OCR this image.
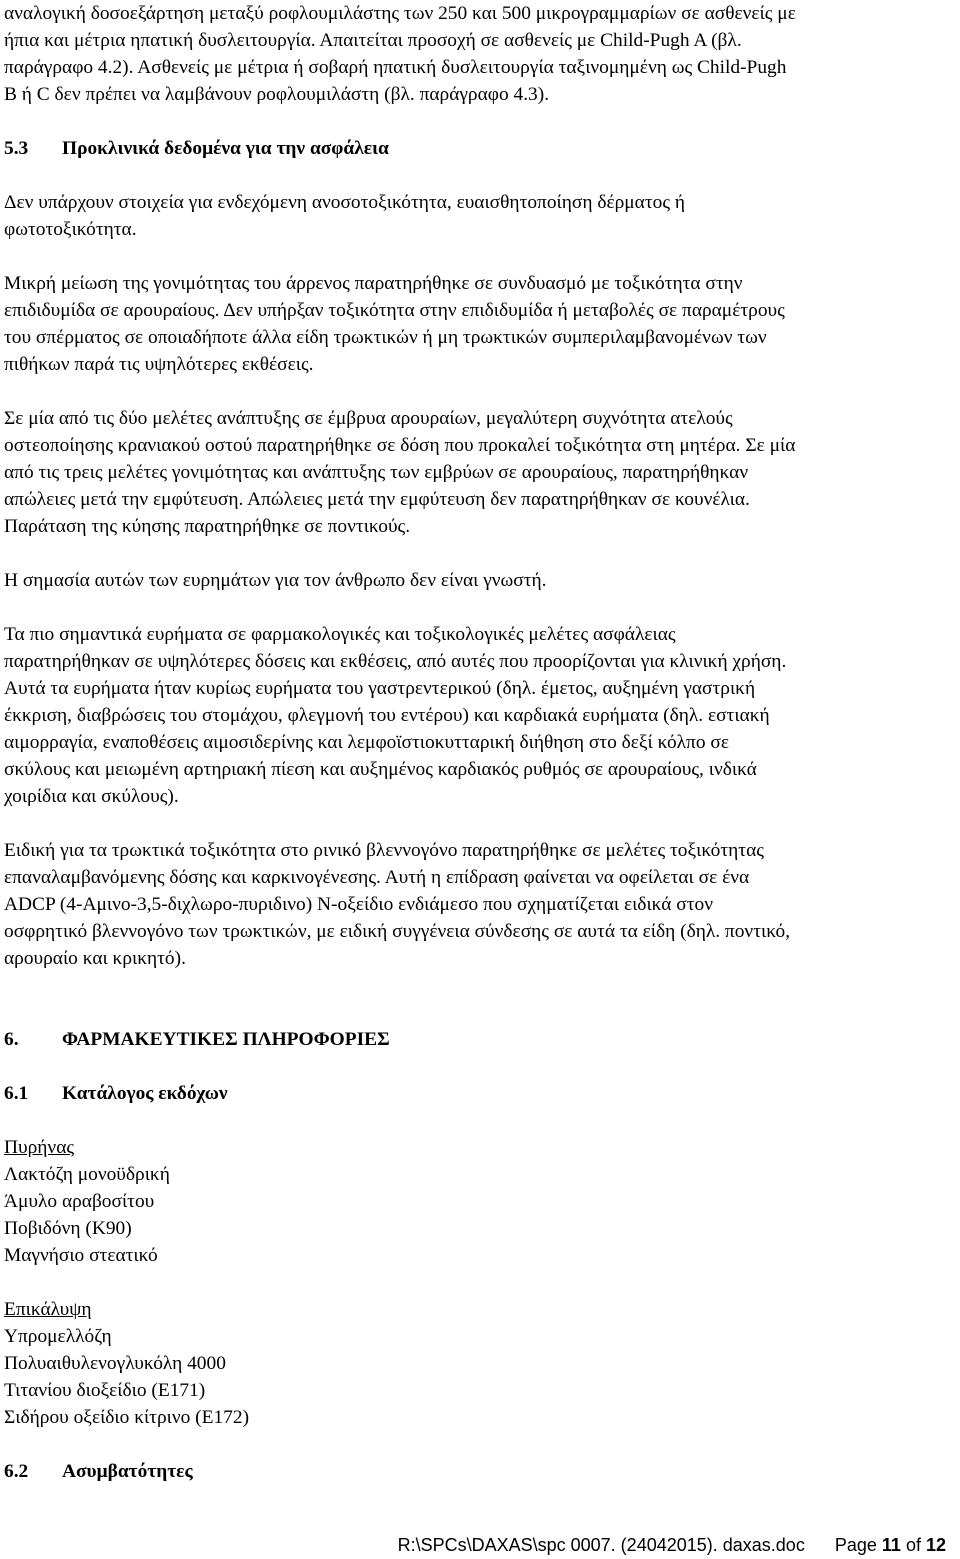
αναλογική δοσοεξάρτηση μεταξύ ροφλουμιλάστης των 250 και 500 μικρογραμμαρίων σε ασθενείς με

ήπια και μέτρια ηπατική δυσλειτουργία. Απαιτείται προσοχή σε ασθενείς με Child-Pugh A (βλ.

παράγραφο 4.2). Ασθενείς με μέτρια ή σοβαρή ηπατική δυσλειτουργία ταξινομημένη ως Child-Pugh

B ή C δεν πρέπει να λαμβάνουν ροφλουμιλάστη (βλ. παράγραφο 4.3).

5.3	Προκλινικά δεδομένα για την ασφάλεια

Δεν υπάρχουν στοιχεία για ενδεχόμενη ανοσοτοξικότητα, ευαισθητοποίηση δέρματος ή

φωτοτοξικότητα.

Μικρή μείωση της γονιμότητας του άρρενος παρατηρήθηκε σε συνδυασμό με τοξικότητα στην

επιδιδυμίδα σε αρουραίους. Δεν υπήρξαν τοξικότητα στην επιδιδυμίδα ή μεταβολές σε παραμέτρους

του σπέρματος σε οποιαδήποτε άλλα είδη τρωκτικών ή μη τρωκτικών συμπεριλαμβανομένων των

πιθήκων παρά τις υψηλότερες εκθέσεις.

Σε μία από τις δύο μελέτες ανάπτυξης σε έμβρυα αρουραίων, μεγαλύτερη συχνότητα ατελούς

οστεοποίησης κρανιακού οστού παρατηρήθηκε σε δόση που προκαλεί τοξικότητα στη μητέρα. Σε μία

από τις τρεις μελέτες γονιμότητας και ανάπτυξης των εμβρύων σε αρουραίους, παρατηρήθηκαν

απώλειες μετά την εμφύτευση. Απώλειες μετά την εμφύτευση δεν παρατηρήθηκαν σε κουνέλια.

Παράταση της κύησης παρατηρήθηκε σε ποντικούς.

Η σημασία αυτών των ευρημάτων για τον άνθρωπο δεν είναι γνωστή.

Τα πιο σημαντικά ευρήματα σε φαρμακολογικές και τοξικολογικές μελέτες ασφάλειας

παρατηρήθηκαν σε υψηλότερες δόσεις και εκθέσεις, από αυτές που προορίζονται για κλινική χρήση.

Αυτά τα ευρήματα ήταν κυρίως ευρήματα του γαστρεντερικού (δηλ. έμετος, αυξημένη γαστρική

έκκριση, διαβρώσεις του στομάχου, φλεγμονή του εντέρου) και καρδιακά ευρήματα (δηλ. εστιακή

αιμορραγία, εναποθέσεις αιμοσιδερίνης και λεμφοϊστιοκυτταρική διήθηση στο δεξί κόλπο σε

σκύλους και μειωμένη αρτηριακή πίεση και αυξημένος καρδιακός ρυθμός σε αρουραίους, ινδικά

χοιρίδια και σκύλους).

Ειδική για τα τρωκτικά τοξικότητα στο ρινικό βλεννογόνο παρατηρήθηκε σε μελέτες τοξικότητας

επαναλαμβανόμενης δόσης και καρκινογένεσης. Αυτή η επίδραση φαίνεται να οφείλεται σε ένα

ADCP (4-Αμινο-3,5-διχλωρο-πυριδινο) N-οξείδιο ενδιάμεσο που σχηματίζεται ειδικά στον

οσφρητικό βλεννογόνο των τρωκτικών, με ειδική συγγένεια σύνδεσης σε αυτά τα είδη (δηλ. ποντικό,

αρουραίο και κρικητό).

6.	ΦΑΡΜΑΚΕΥΤΙΚΕΣ ΠΛΗΡΟΦΟΡΙΕΣ
6.1	Κατάλογος εκδόχων

Πυρήνας

Λακτόζη μονοϋδρική

Άμυλο αραβοσίτου

Ποβιδόνη (K90)

Μαγνήσιο στεατικό

Επικάλυψη

Υπρομελλόζη

Πολυαιθυλενογλυκόλη 4000

Τιτανίου διοξείδιο (E171)

Σιδήρου οξείδιο κίτρινο (E172)

6.2	Ασυμβατότητες
R:\SPCs\DAXAS\spc 0007. (24042015). daxas.doc Page 11 of 12
